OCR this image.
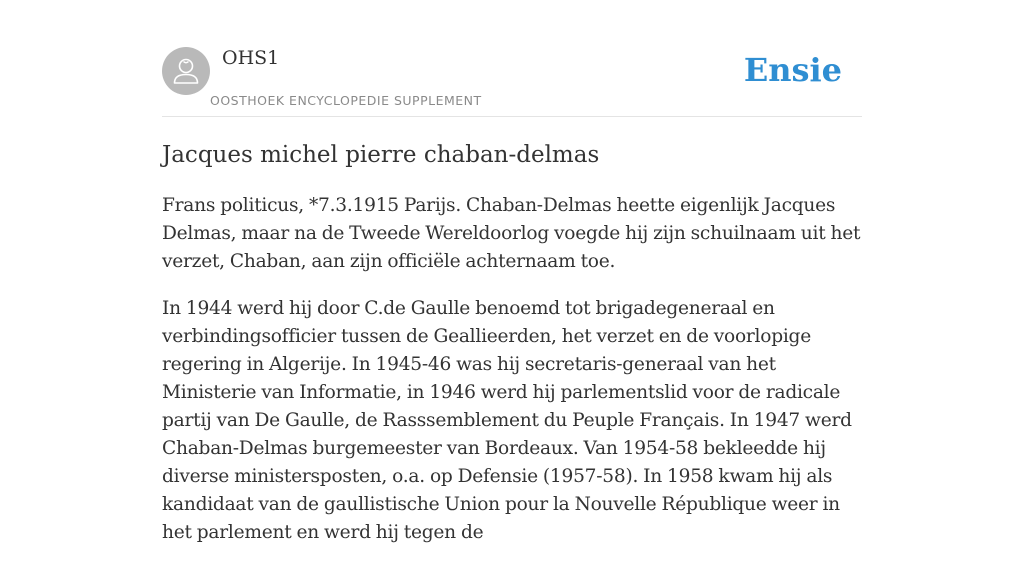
OHS1
OOSTHOEK ENCYCLOPEDIE SUPPLEMENT
Ensie
Jacques michel pierre chaban-delmas

Frans politicus, *7.3.1915 Parijs. Chaban-Delmas heette eigenlijk Jacques Delmas, maar na de Tweede Wereldoorlog voegde hij zijn schuilnaam uit het verzet, Chaban, aan zijn officiële achternaam toe.

In 1944 werd hij door C.de Gaulle benoemd tot brigadegeneraal en verbindingsofficier tussen de Geallieerden, het verzet en de voorlopige regering in Algerije. In 1945-46 was hij secretaris-generaal van het Ministerie van Informatie, in 1946 werd hij parlementslid voor de radicale partij van De Gaulle, de Rasssemblement du Peuple Français. In 1947 werd Chaban-Delmas burgemeester van Bordeaux. Van 1954-58 bekleedde hij diverse ministersposten, o.a. op Defensie (1957-58). In 1958 kwam hij als kandidaat van de gaullistische Union pour la Nouvelle République weer in het parlement en werd hij tegen de
